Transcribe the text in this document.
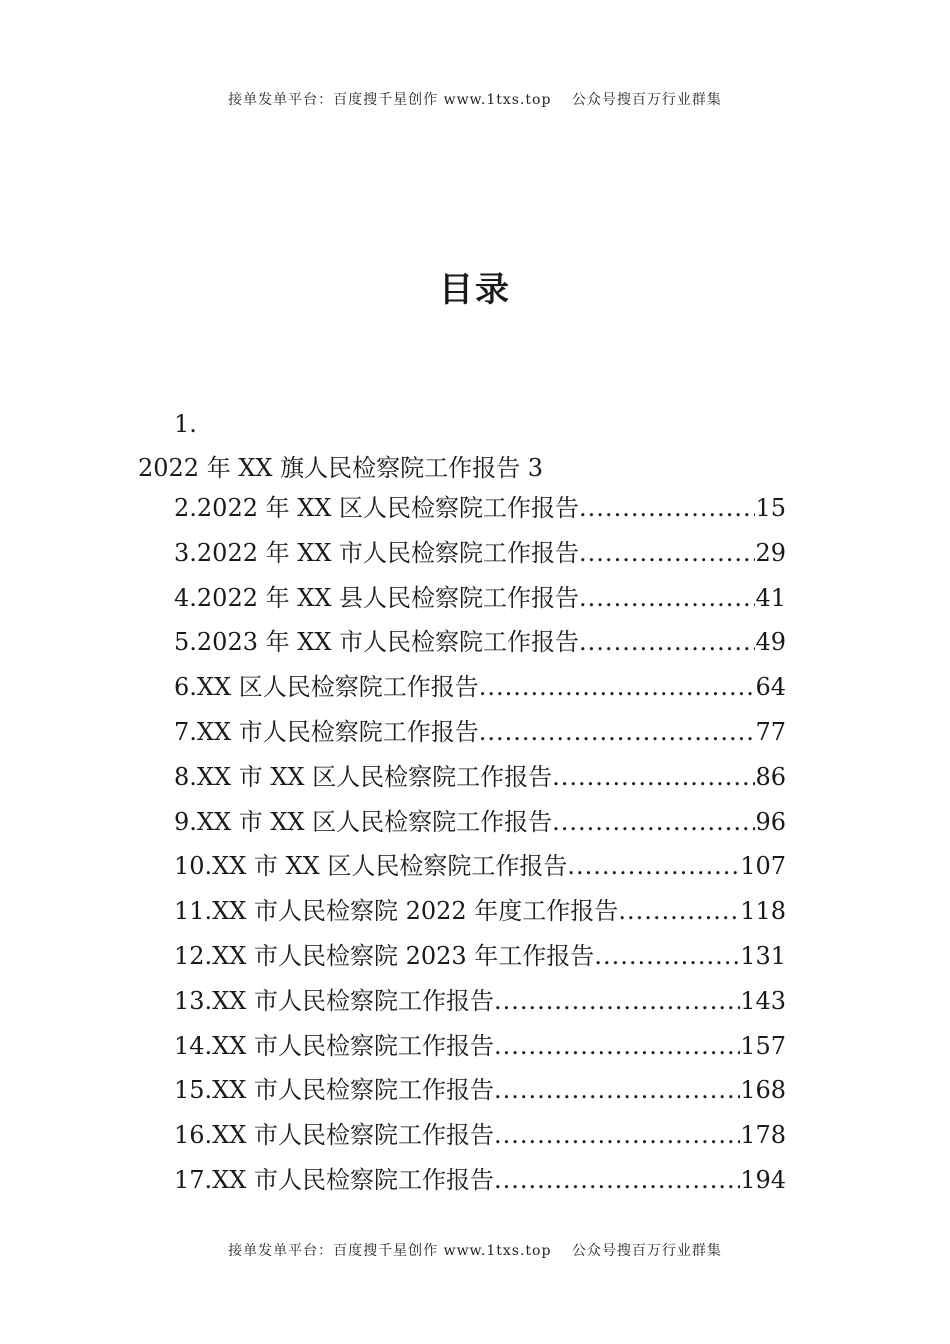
接单发单平台：百度搜千星创作 www.1txs.top　 公众号搜百万行业群集
目录
1.
2022 年 XX 旗人民检察院工作报告 3
2.2022 年 XX 区人民检察院工作报告 .....	15
3.2022 年 XX 市人民检察院工作报告 .....	29
4.2022 年 XX 县人民检察院工作报告 .....	41
5.2023 年 XX 市人民检察院工作报告 .....	49
6.XX 区人民检察院工作报告 .....	64
7.XX 市人民检察院工作报告 .....	77
8.XX 市 XX 区人民检察院工作报告 .....	86
9.XX 市 XX 区人民检察院工作报告 .....	96
10.XX 市 XX 区人民检察院工作报告 .....	107
11.XX 市人民检察院 2022 年度工作报告 .....	118
12.XX 市人民检察院 2023 年工作报告 .....	131
13.XX 市人民检察院工作报告 .....	143
14.XX 市人民检察院工作报告 .....	157
15.XX 市人民检察院工作报告 .....	168
16.XX 市人民检察院工作报告 .....	178
17.XX 市人民检察院工作报告 .....	194
接单发单平台：百度搜千星创作 www.1txs.top　 公众号搜百万行业群集
